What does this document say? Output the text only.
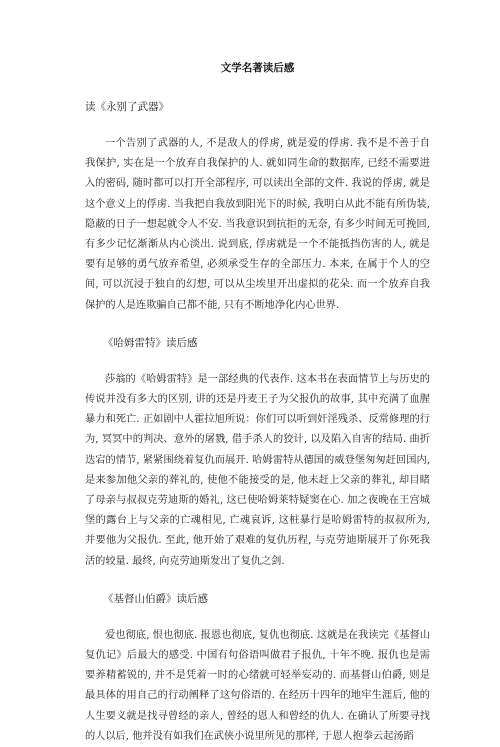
文学名著读后感
读《永别了武器》

一个告别了武器的人, 不是敌人的俘虏, 就是爱的俘虏. 我不是不善于自我保护, 实在是一个放弃自我保护的人. 就如同生命的数据库, 已经不需要进入的密码, 随时都可以打开全部程序, 可以读出全部的文件. 我说的俘虏, 就是这个意义上的俘虏. 当我把自我放到阳光下的时候, 我明白从此不能有所伪装, 隐蔽的日子一想起就令人不安. 当我意识到抗拒的无奈, 有多少时间无可挽回, 有多少记忆渐渐从内心淡出. 说到底, 俘虏就是一个不能抵挡伤害的人, 就是要有足够的勇气放弃希望, 必须承受生存的全部压力. 本来, 在属于个人的空间, 可以沉浸于独自的幻想, 可以从尘埃里开出虚拟的花朵. 而一个放弃自我保护的人是连欺骗自己都不能, 只有不断地净化内心世界.

《哈姆雷特》读后感

莎翁的《哈姆雷特》是一部经典的代表作. 这本书在表面情节上与历史的传说并没有多大的区别, 讲的还是丹麦王子为父报仇的故事, 其中充满了血腥暴力和死亡. 正如剧中人霍拉旭所说：你们可以听到奸淫残杀、反常修理的行为, 冥冥中的判决、意外的屠戮, 借手杀人的狡计, 以及陷入自害的结局. 曲折迭宕的情节, 紧紧围绕着复仇而展开. 哈姆雷特从德国的威登堡匆匆赶回国内, 是来参加他父亲的葬礼的, 使他不能接受的是, 他未赶上父亲的葬礼, 却目睹了母亲与叔叔克劳迪斯的婚礼, 这已使哈姆莱特疑窦在心. 加之夜晚在王宫城堡的露台上与父亲的亡魂相见, 亡魂哀诉, 这桩暴行是哈姆雷特的叔叔所为, 并要他为父报仇. 至此, 他开始了艰难的复仇历程, 与克劳迪斯展开了你死我活的较量. 最终, 向克劳迪斯发出了复仇之剑.

《基督山伯爵》读后感

爱也彻底, 恨也彻底. 报恩也彻底, 复仇也彻底. 这就是在我读完《基督山复仇记》后最大的感受. 中国有句俗语叫做君子报仇, 十年不晚. 报仇也是需要养精蓄锐的, 并不是凭着一时的心绪就可轻举妄动的. 而基督山伯爵, 则是最具体的用自己的行动阐释了这句俗语的. 在经历十四年的地牢生涯后, 他的人生要义就是找寻曾经的亲人, 曾经的恩人和曾经的仇人. 在确认了所要寻找的人以后, 他并没有如我们在武侠小说里所见的那样, 于恩人抱拳云起汤蹈
